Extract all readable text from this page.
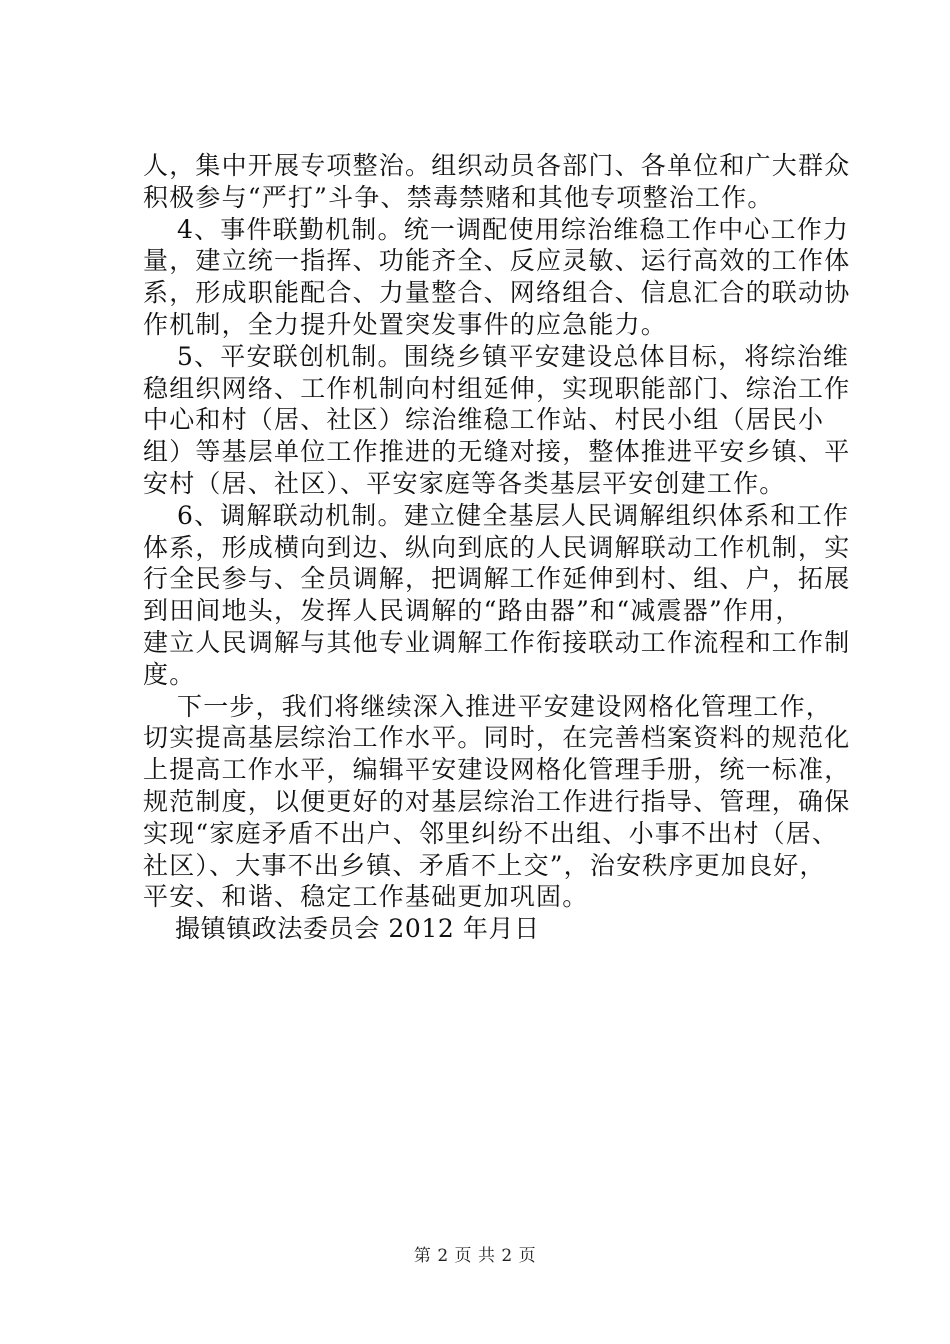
人，集中开展专项整治。组织动员各部门、各单位和广大群众
积极参与“严打”斗争、禁毒禁赌和其他专项整治工作。
4、事件联勤机制。统一调配使用综治维稳工作中心工作力
量，建立统一指挥、功能齐全、反应灵敏、运行高效的工作体
系，形成职能配合、力量整合、网络组合、信息汇合的联动协
作机制，全力提升处置突发事件的应急能力。
5、平安联创机制。围绕乡镇平安建设总体目标，将综治维
稳组织网络、工作机制向村组延伸，实现职能部门、综治工作
中心和村（居、社区）综治维稳工作站、村民小组（居民小
组）等基层单位工作推进的无缝对接，整体推进平安乡镇、平
安村（居、社区）、平安家庭等各类基层平安创建工作。
6、调解联动机制。建立健全基层人民调解组织体系和工作
体系，形成横向到边、纵向到底的人民调解联动工作机制，实
行全民参与、全员调解，把调解工作延伸到村、组、户，拓展
到田间地头，发挥人民调解的“路由器”和“减震器”作用，
建立人民调解与其他专业调解工作衔接联动工作流程和工作制
度。
下一步，我们将继续深入推进平安建设网格化管理工作，
切实提高基层综治工作水平。同时，在完善档案资料的规范化
上提高工作水平，编辑平安建设网格化管理手册，统一标准，
规范制度，以便更好的对基层综治工作进行指导、管理，确保
实现“家庭矛盾不出户、邻里纠纷不出组、小事不出村（居、
社区）、大事不出乡镇、矛盾不上交”，治安秩序更加良好，
平安、和谐、稳定工作基础更加巩固。
撮镇镇政法委员会 2012 年月日
第 2 页 共 2 页
